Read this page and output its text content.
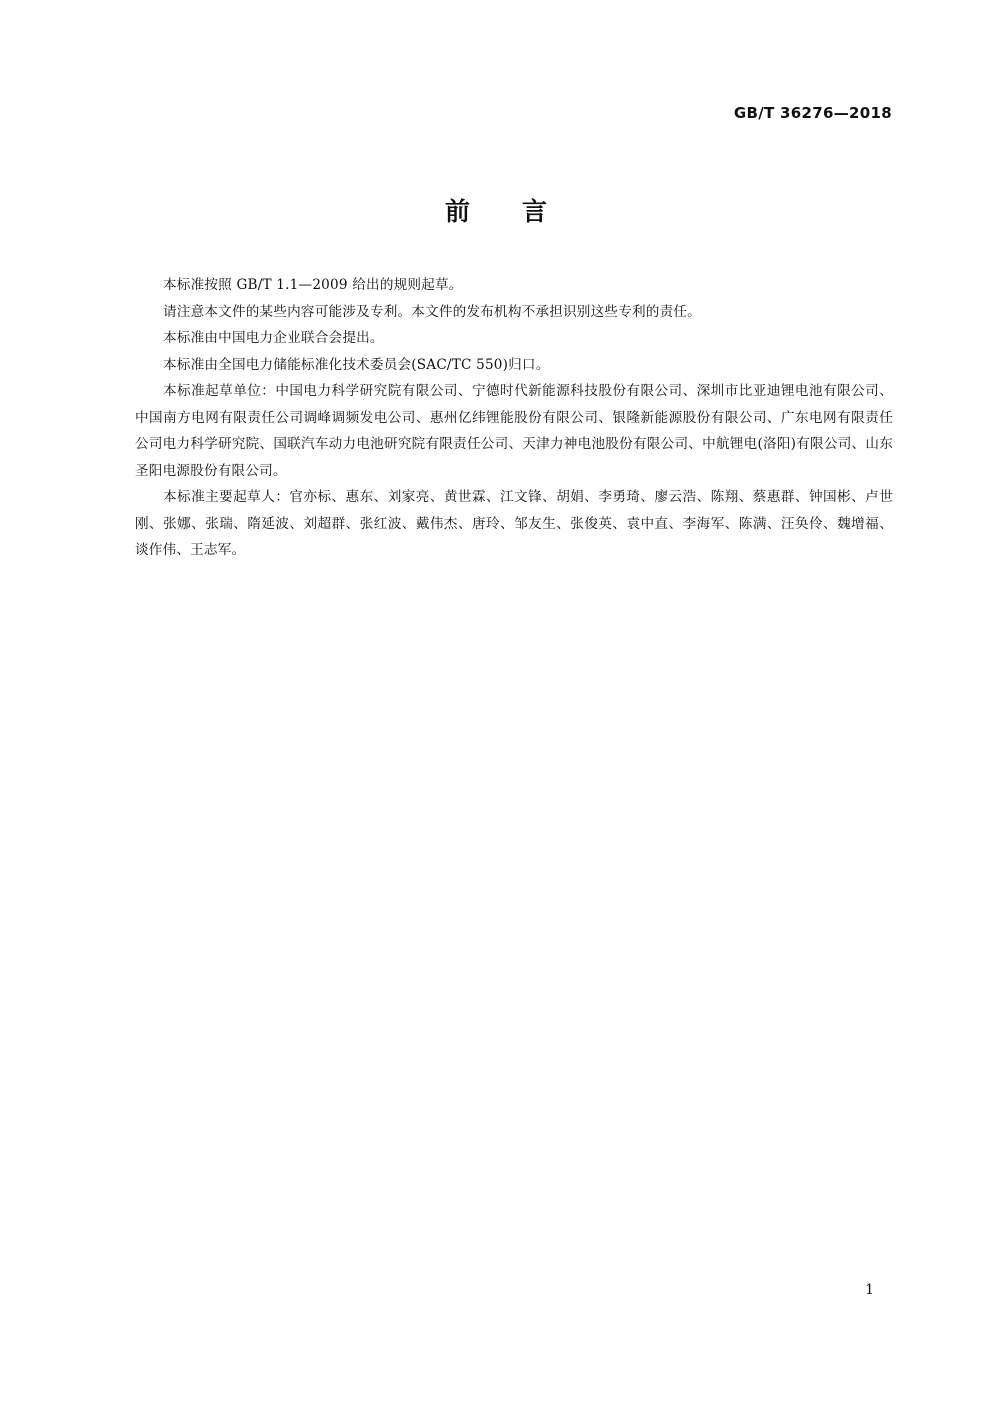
GB/T 36276—2018
前言

本标准按照 GB/T 1.1—2009 给出的规则起草。

请注意本文件的某些内容可能涉及专利。本文件的发布机构不承担识别这些专利的责任。

本标准由中国电力企业联合会提出。

本标准由全国电力储能标准化技术委员会(SAC/TC 550)归口。

本标准起草单位：中国电力科学研究院有限公司、宁德时代新能源科技股份有限公司、深圳市比亚迪锂电池有限公司、中国南方电网有限责任公司调峰调频发电公司、惠州亿纬锂能股份有限公司、银隆新能源股份有限公司、广东电网有限责任公司电力科学研究院、国联汽车动力电池研究院有限责任公司、天津力神电池股份有限公司、中航锂电(洛阳)有限公司、山东圣阳电源股份有限公司。

本标准主要起草人：官亦标、惠东、刘家亮、黄世霖、江文锋、胡娟、李勇琦、廖云浩、陈翔、蔡惠群、钟国彬、卢世刚、张娜、张瑞、隋延波、刘超群、张红波、戴伟杰、唐玲、邹友生、张俊英、袁中直、李海军、陈满、汪奂伶、魏增福、谈作伟、王志军。

1
